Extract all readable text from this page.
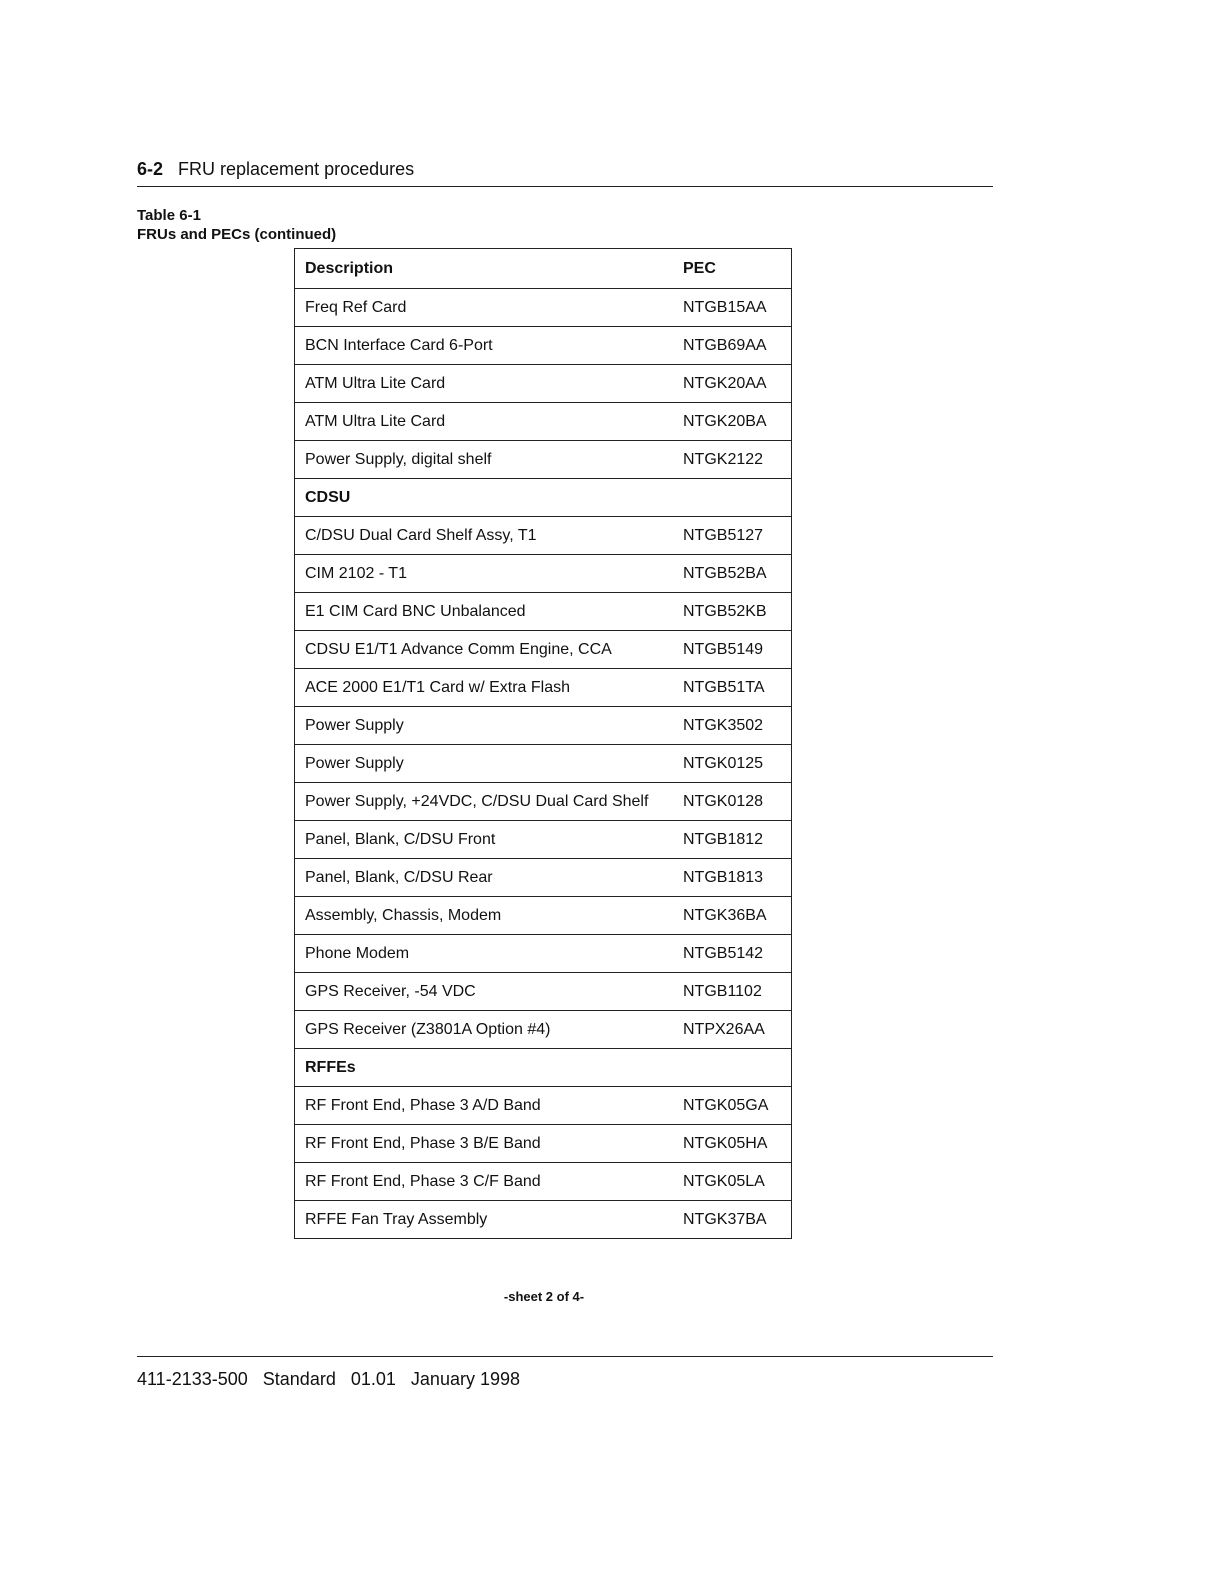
6-2 FRU replacement procedures
Table 6-1
FRUs and PECs (continued)
Description	PEC
Freq Ref Card	NTGB15AA
BCN Interface Card 6-Port	NTGB69AA
ATM Ultra Lite Card	NTGK20AA
ATM Ultra Lite Card	NTGK20BA
Power Supply, digital shelf	NTGK2122
CDSU	
C/DSU Dual Card Shelf Assy, T1	NTGB5127
CIM 2102 - T1	NTGB52BA
E1 CIM Card BNC Unbalanced	NTGB52KB
CDSU E1/T1 Advance Comm Engine, CCA	NTGB5149
ACE 2000 E1/T1 Card w/ Extra Flash	NTGB51TA
Power Supply	NTGK3502
Power Supply	NTGK0125
Power Supply, +24VDC, C/DSU Dual Card Shelf	NTGK0128
Panel, Blank, C/DSU Front	NTGB1812
Panel, Blank, C/DSU Rear	NTGB1813
Assembly, Chassis, Modem	NTGK36BA
Phone Modem	NTGB5142
GPS Receiver, -54 VDC	NTGB1102
GPS Receiver (Z3801A Option #4)	NTPX26AA
RFFEs	
RF Front End, Phase 3 A/D Band	NTGK05GA
RF Front End, Phase 3 B/E Band	NTGK05HA
RF Front End, Phase 3 C/F Band	NTGK05LA
RFFE Fan Tray Assembly	NTGK37BA
-sheet 2 of 4-
411-2133-500 Standard 01.01 January 1998
